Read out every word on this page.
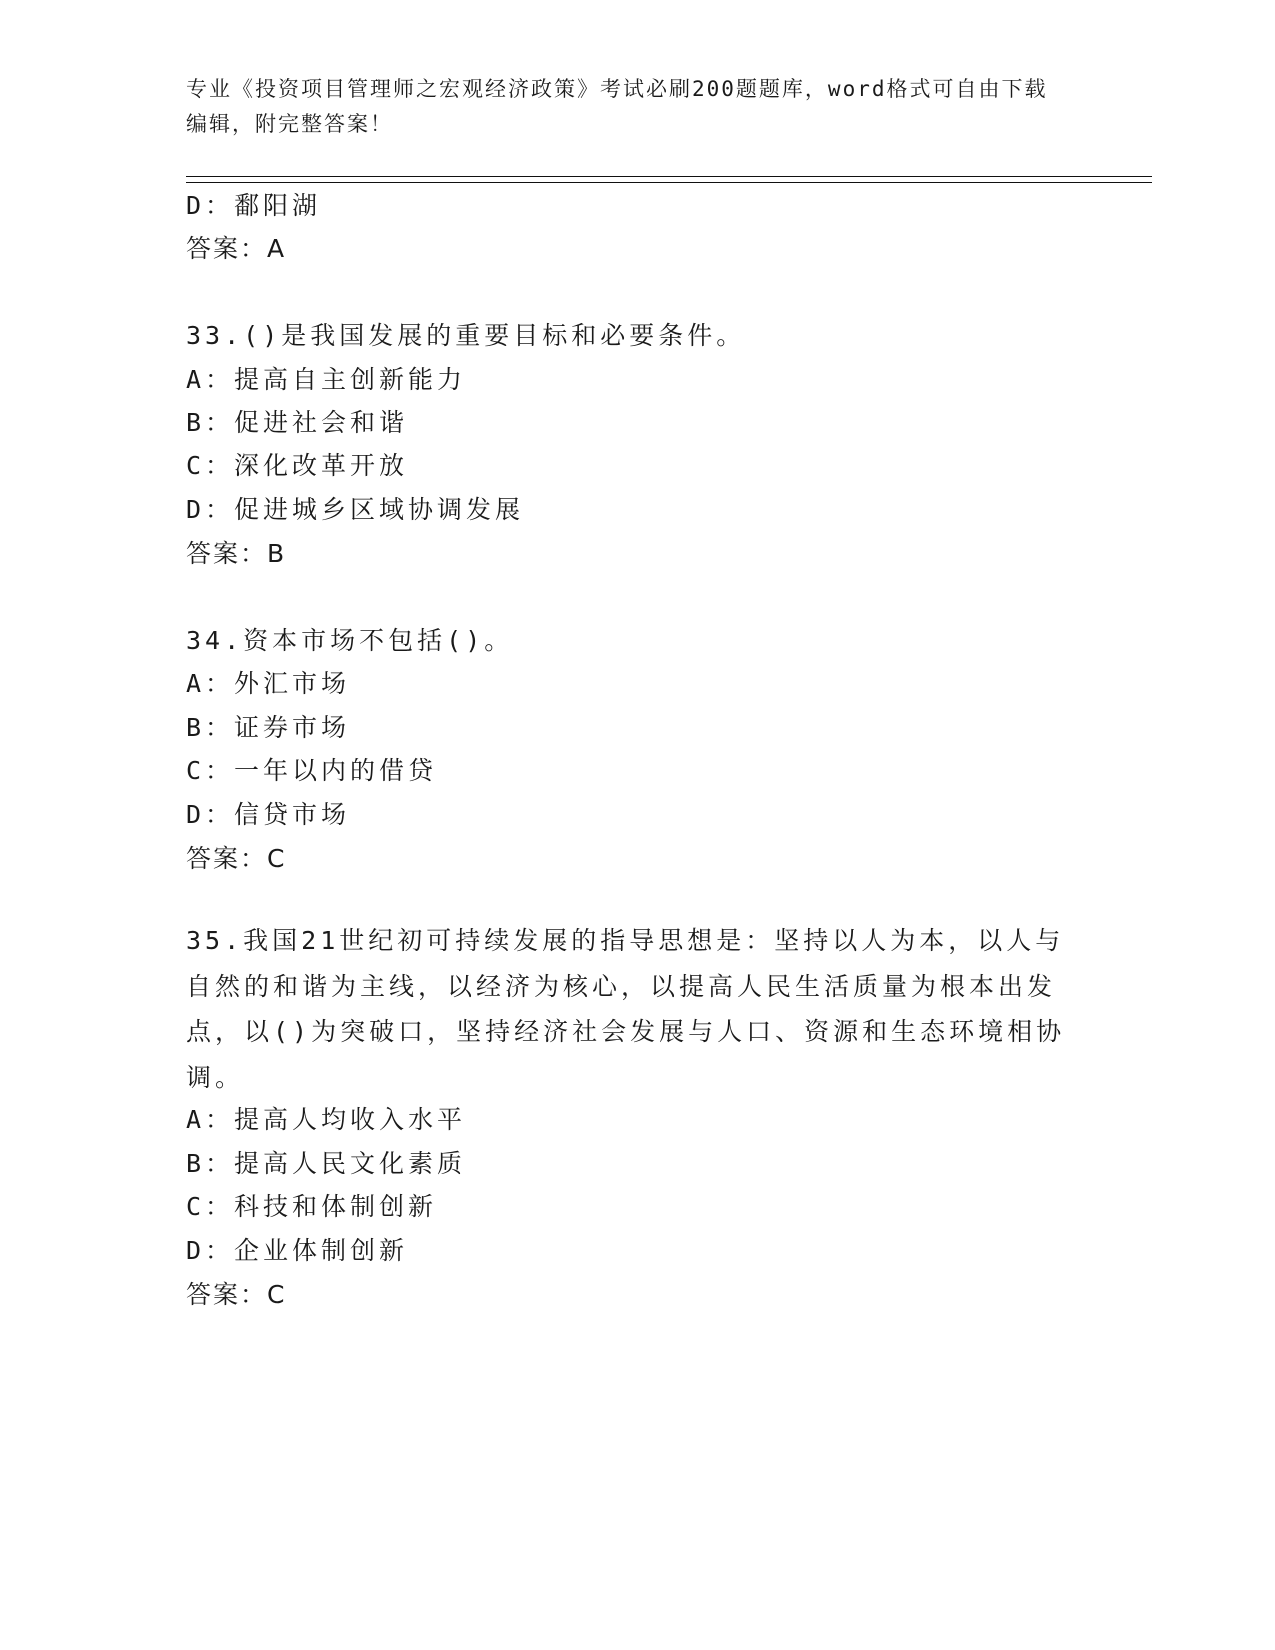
专业《投资项目管理师之宏观经济政策》考试必刷200题题库，word格式可自由下载编辑，附完整答案！
D：鄱阳湖
答案：A
33.()是我国发展的重要目标和必要条件。
A：提高自主创新能力
B：促进社会和谐
C：深化改革开放
D：促进城乡区域协调发展
答案：B
34.资本市场不包括()。
A：外汇市场
B：证券市场
C：一年以内的借贷
D：信贷市场
答案：C
35.我国21世纪初可持续发展的指导思想是：坚持以人为本，以人与自然的和谐为主线，以经济为核心，以提高人民生活质量为根本出发点，以()为突破口，坚持经济社会发展与人口、资源和生态环境相协调。
A：提高人均收入水平
B：提高人民文化素质
C：科技和体制创新
D：企业体制创新
答案：C
